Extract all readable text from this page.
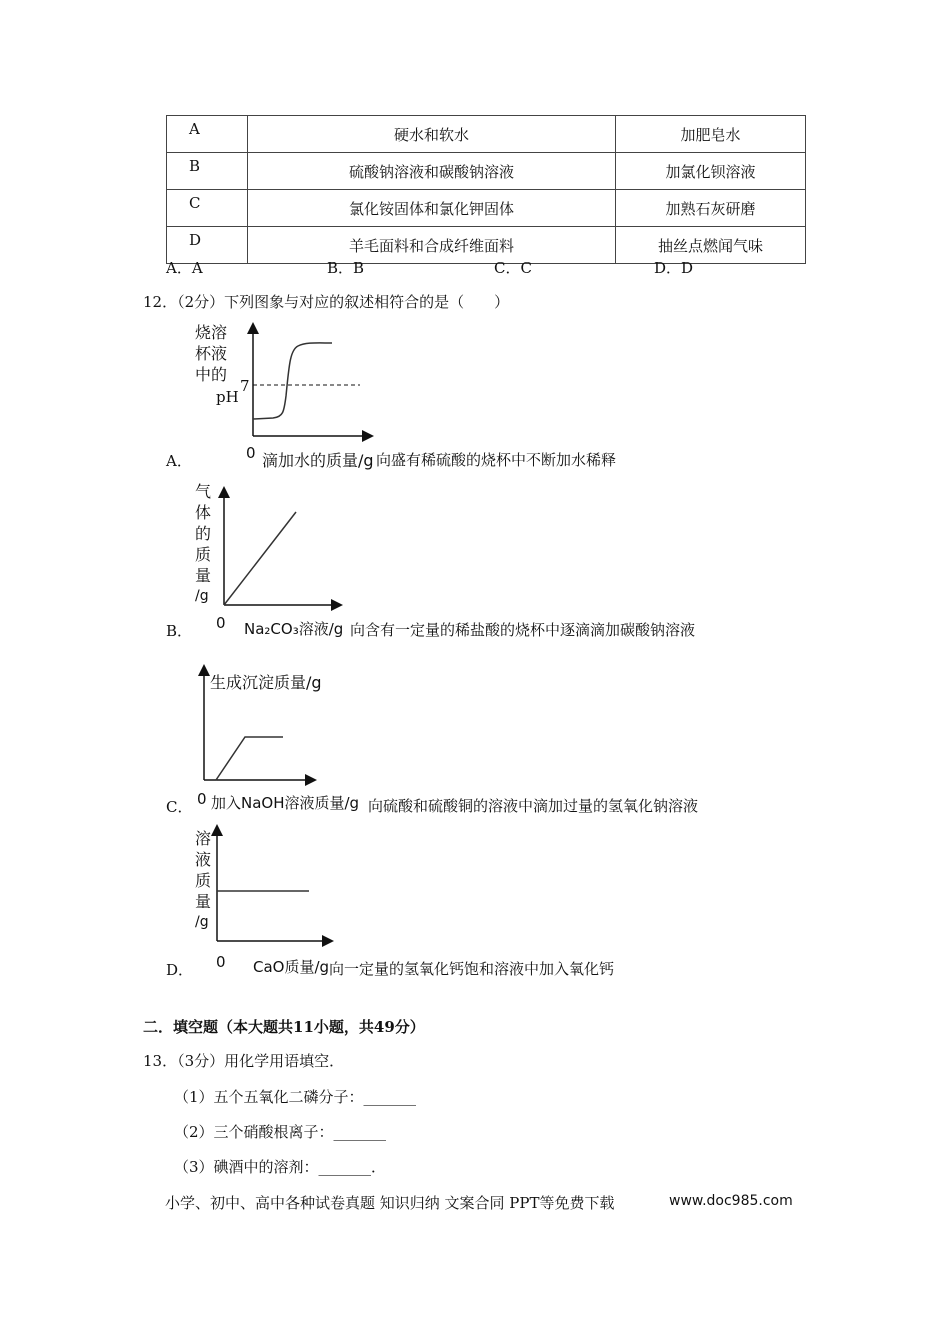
A	硬水和软水	加肥皂水
B	硫酸钠溶液和碳酸钠溶液	加氯化钡溶液
C	氯化铵固体和氯化钾固体	加熟石灰研磨
D	羊毛面料和合成纤维面料	抽丝点燃闻气味
A．A	B．B	C．C	D．D
12．（2分）下列图象与对应的叙述相符合的是（　　）
烧溶
杯液
中的
pH
7
A．	0 滴加水的质量/g 向盛有稀硫酸的烧杯中不断加水稀释
气
体
的
质
量
/g
B． 0 Na₂CO₃溶液/g 向含有一定量的稀盐酸的烧杯中逐滴滴加碳酸钠溶液
生成沉淀质量/g
C． 0 加入NaOH溶液质量/g 向硫酸和硫酸铜的溶液中滴加过量的氢氧化钠溶液
溶
液
质
量
/g
D． 0 CaO质量/g 向一定量的氢氧化钙饱和溶液中加入氧化钙
二．填空题（本大题共11小题，共49分）
13．（3分）用化学用语填空．
（1）五个五氧化二磷分子：_______
（2）三个硝酸根离子：_______
（3）碘酒中的溶剂：_______．
小学、初中、高中各种试卷真题 知识归纳 文案合同 PPT等免费下载	www.doc985.com
